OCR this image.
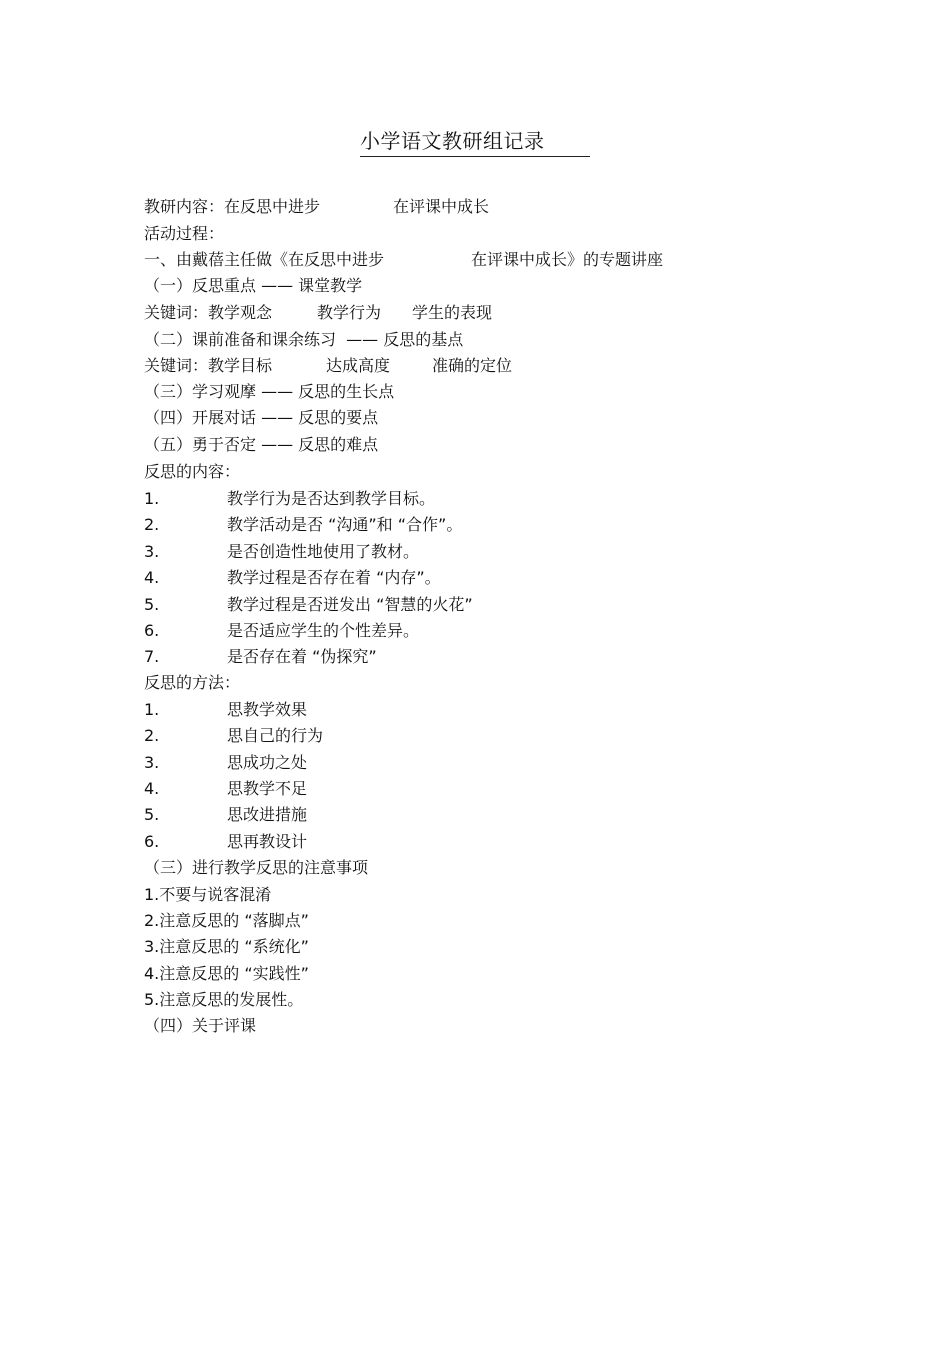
小学语文教研组记录

教研内容：在反思中进步

	在评课中成长

活动过程：

一、由戴蓓主任做《在反思中进步

	在评课中成长》的专题讲座

（一）反思重点 —— 课堂教学

关键词：教学观念

	教学行为

学生的表现

（二）课前准备和课余练习  —— 反思的基点

关键词：教学目标

	达成高度

	准确的定位

（三）学习观摩 —— 反思的生长点
（四）开展对话 —— 反思的要点
（五）勇于否定 —— 反思的难点
反思的内容：

1.

	教学行为是否达到教学目标。

2.

	教学活动是否 “沟通”和 “合作”。

3.

	是否创造性地使用了教材。

4.

	教学过程是否存在着 “内存”。

5.

	教学过程是否迸发出 “智慧的火花”

6.

	是否适应学生的个性差异。

7.

	是否存在着 “伪探究”

反思的方法：

1.

	思教学效果

2.

	思自己的行为

3.

	思成功之处

4.

	思教学不足

5.

	思改进措施

6.

	思再教设计

（三）进行教学反思的注意事项
1.不要与说客混淆
2.注意反思的 “落脚点”
3.注意反思的 “系统化”
4.注意反思的 “实践性”
5.注意反思的发展性。
（四）关于评课
